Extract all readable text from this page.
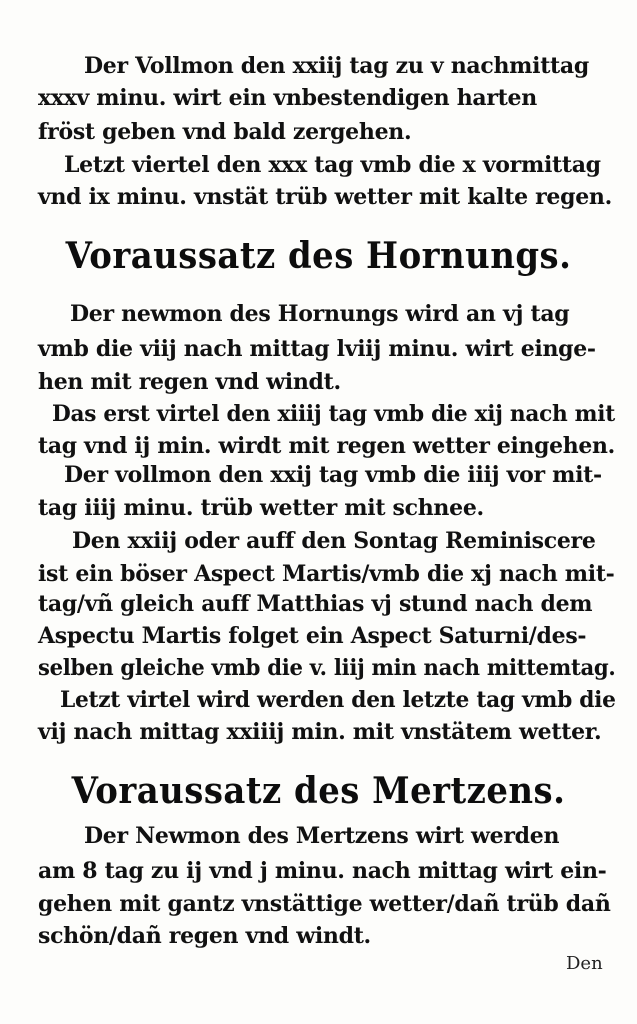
Der Vollmon den xxiij tag zu v nachmittag
xxxv minu. wirt ein vnbestendigen harten
fröst geben vnd bald zergehen.
Letzt viertel den xxx tag vmb die x vormittag
vnd ix minu. vnstät trüb wetter mit kalte regen.
Voraussatz des Hornungs.
Der newmon des Hornungs wird an vj tag
vmb die viij nach mittag lviij minu. wirt einge-
hen mit regen vnd windt.
Das erst virtel den xiiij tag vmb die xij nach mit
tag vnd ij min. wirdt mit regen wetter eingehen.
Der vollmon den xxij tag vmb die iiij vor mit-
tag iiij minu. trüb wetter mit schnee.
Den xxiij oder auff den Sontag Reminiscere
ist ein böser Aspect Martis/vmb die xj nach mit-
tag/vñ gleich auff Matthias vj stund nach dem
Aspectu Martis folget ein Aspect Saturni/des-
selben gleiche vmb die v. liij min nach mittemtag.
Letzt virtel wird werden den letzte tag vmb die
vij nach mittag xxiiij min. mit vnstätem wetter.
Voraussatz des Mertzens.
Der Newmon des Mertzens wirt werden
am 8 tag zu ij vnd j minu. nach mittag wirt ein-
gehen mit gantz vnstättige wetter/dañ trüb dañ
schön/dañ regen vnd windt.
Den
